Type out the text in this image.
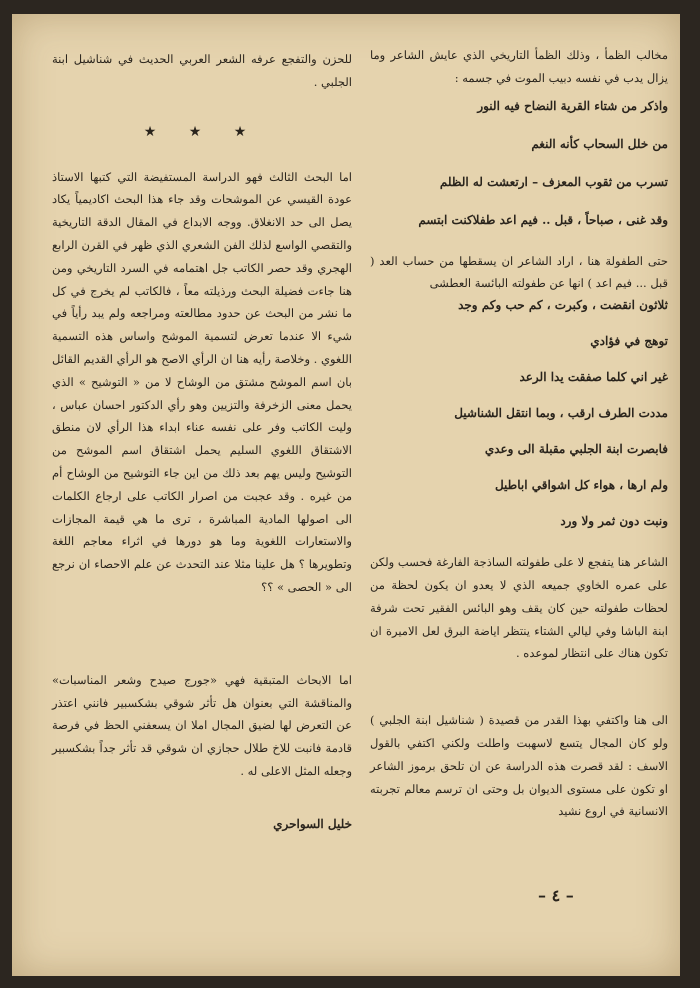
مخالب الظمأ ، وذلك الظمأ التاريخي الذي عايش الشاعر وما يزال يدب في نفسه دبيب الموت في جسمه :

واذكر من شتاء القرية النضاح فيه النور

من خلل السحاب كأنه النغم

تسرب من ثقوب المعزف – ارتعشت له الظلم

وقد غنى ، صباحاً ، قبل .. فيم اعد طفلاكنت ابتسم

حتى الطفولة هنا ، اراد الشاعر ان يسقطها من حساب العد ( قبل ... فيم اعد ) انها عن طفولته البائسة العطشى

ثلاثون انقضت ، وكبرت ، كم حب وكم وجد

توهج في فؤادي

غير اني كلما صفقت يدا الرعد

مددت الطرف ارقب ، وبما انتقل الشناشيل

فابصرت ابنة الجلبي مقبلة الى وعدي

ولم ارها ، هواء كل اشواقي اباطيل

ونبت دون ثمر ولا ورد

الشاعر هنا يتفجع لا على طفولته الساذجة الفارغة فحسب ولكن على عمره الخاوي جميعه الذي لا يعدو ان يكون لحظة من لحظات طفولته حين كان يقف وهو البائس الفقير تحت شرفة ابنة الباشا وفي ليالي الشتاء ينتظر اياضة البرق لعل الاميرة ان تكون هناك على انتظار لموعده .

الى هنا واكتفي بهذا القدر من قصيدة ( شناشيل ابنة الجلبي ) ولو كان المجال يتسع لاسهبت واطلت ولكني اكتفي بالقول الاسف : لقد قصرت هذه الدراسة عن ان تلحق برموز الشاعر او تكون على مستوى الديوان بل وحتى ان ترسم معالم تجربته الانسانية في اروع نشيد

للحزن والتفجع عرفه الشعر العربي الحديث في شناشيل ابنة الجلبي .

★ ★ ★

اما البحث الثالث فهو الدراسة المستفيضة التي كتبها الاستاذ عودة القيسي عن الموشحات وقد جاء هذا البحث اكاديمياً يكاد يصل الى حد الانغلاق. ووجه الابداع في المقال الدقة التاريخية والتقصي الواسع لذلك الفن الشعري الذي ظهر في القرن الرابع الهجري وقد حصر الكاتب جل اهتمامه في السرد التاريخي ومن هنا جاءت فضيلة البحث ورذيلته معاً ، فالكاتب لم يخرج في كل ما نشر من البحث عن حدود مطالعته ومراجعه ولم يبد رأياً في شيء الا عندما تعرض لتسمية الموشح واساس هذه التسمية اللغوي . وخلاصة رأيه هنا ان الرأي الاصح هو الرأي القديم القائل بان اسم الموشح مشتق من الوشاح لا من « التوشيح » الذي يحمل معنى الزخرفة والتزيين وهو رأي الدكتور احسان عباس ، وليت الكاتب وفر على نفسه عناء ابداء هذا الرأي لان منطق الاشتقاق اللغوي السليم يحمل اشتقاق اسم الموشح من التوشيح وليس يهم بعد ذلك من اين جاء التوشيح من الوشاح أم من غيره . وقد عجبت من اصرار الكاتب على ارجاع الكلمات الى اصولها المادية المباشرة ، ترى ما هي قيمة المجازات والاستعارات اللغوية وما هو دورها في اثراء معاجم اللغة وتطويرها ؟ هل علينا مثلا عند التحدث عن علم الاحصاء ان نرجع الى « الحصى » ؟؟

اما الابحاث المتبقية فهي «جورج صيدح وشعر المناسبات» والمناقشة التي بعنوان هل تأثر شوقي بشكسبير فانني اعتذر عن التعرض لها لضيق المجال املا ان يسعفني الحظ في فرصة قادمة فانبت للاخ طلال حجازي ان شوقي قد تأثر جداً بشكسبير وجعله المثل الاعلى له .

خليل السواحري

– ٤ –
